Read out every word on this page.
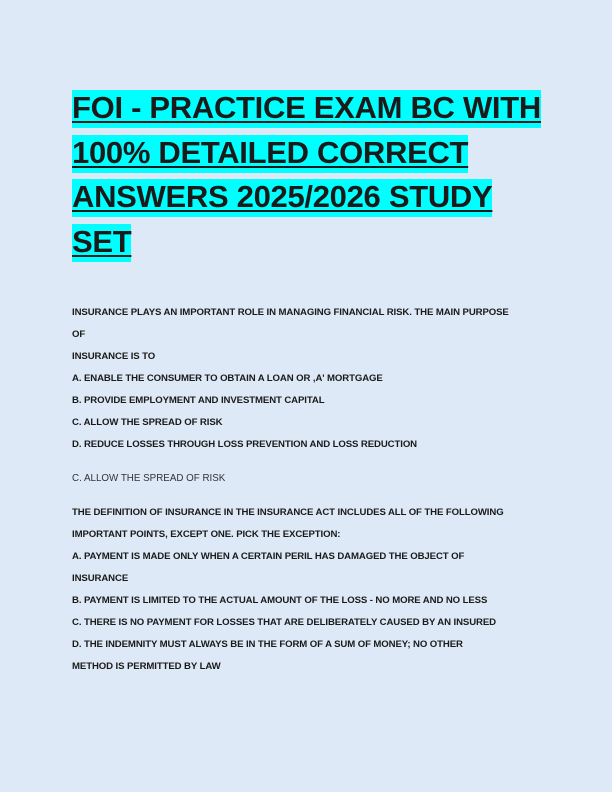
FOI - PRACTICE EXAM BC WITH
100% DETAILED CORRECT
ANSWERS 2025/2026 STUDY
SET
INSURANCE PLAYS AN IMPORTANT ROLE IN MANAGING FINANCIAL RISK. THE MAIN PURPOSE
OF
INSURANCE IS TO
A. ENABLE THE CONSUMER TO OBTAIN A LOAN OR ,A' MORTGAGE
B. PROVIDE EMPLOYMENT AND INVESTMENT CAPITAL
C. ALLOW THE SPREAD OF RISK
D. REDUCE LOSSES THROUGH LOSS PREVENTION AND LOSS REDUCTION

C. ALLOW THE SPREAD OF RISK

THE DEFINITION OF INSURANCE IN THE INSURANCE ACT INCLUDES ALL OF THE FOLLOWING
IMPORTANT POINTS, EXCEPT ONE. PICK THE EXCEPTION:
A. PAYMENT IS MADE ONLY WHEN A CERTAIN PERIL HAS DAMAGED THE OBJECT OF
INSURANCE
B. PAYMENT IS LIMITED TO THE ACTUAL AMOUNT OF THE LOSS - NO MORE AND NO LESS
C. THERE IS NO PAYMENT FOR LOSSES THAT ARE DELIBERATELY CAUSED BY AN INSURED
D. THE INDEMNITY MUST ALWAYS BE IN THE FORM OF A SUM OF MONEY; NO OTHER
METHOD IS PERMITTED BY LAW
